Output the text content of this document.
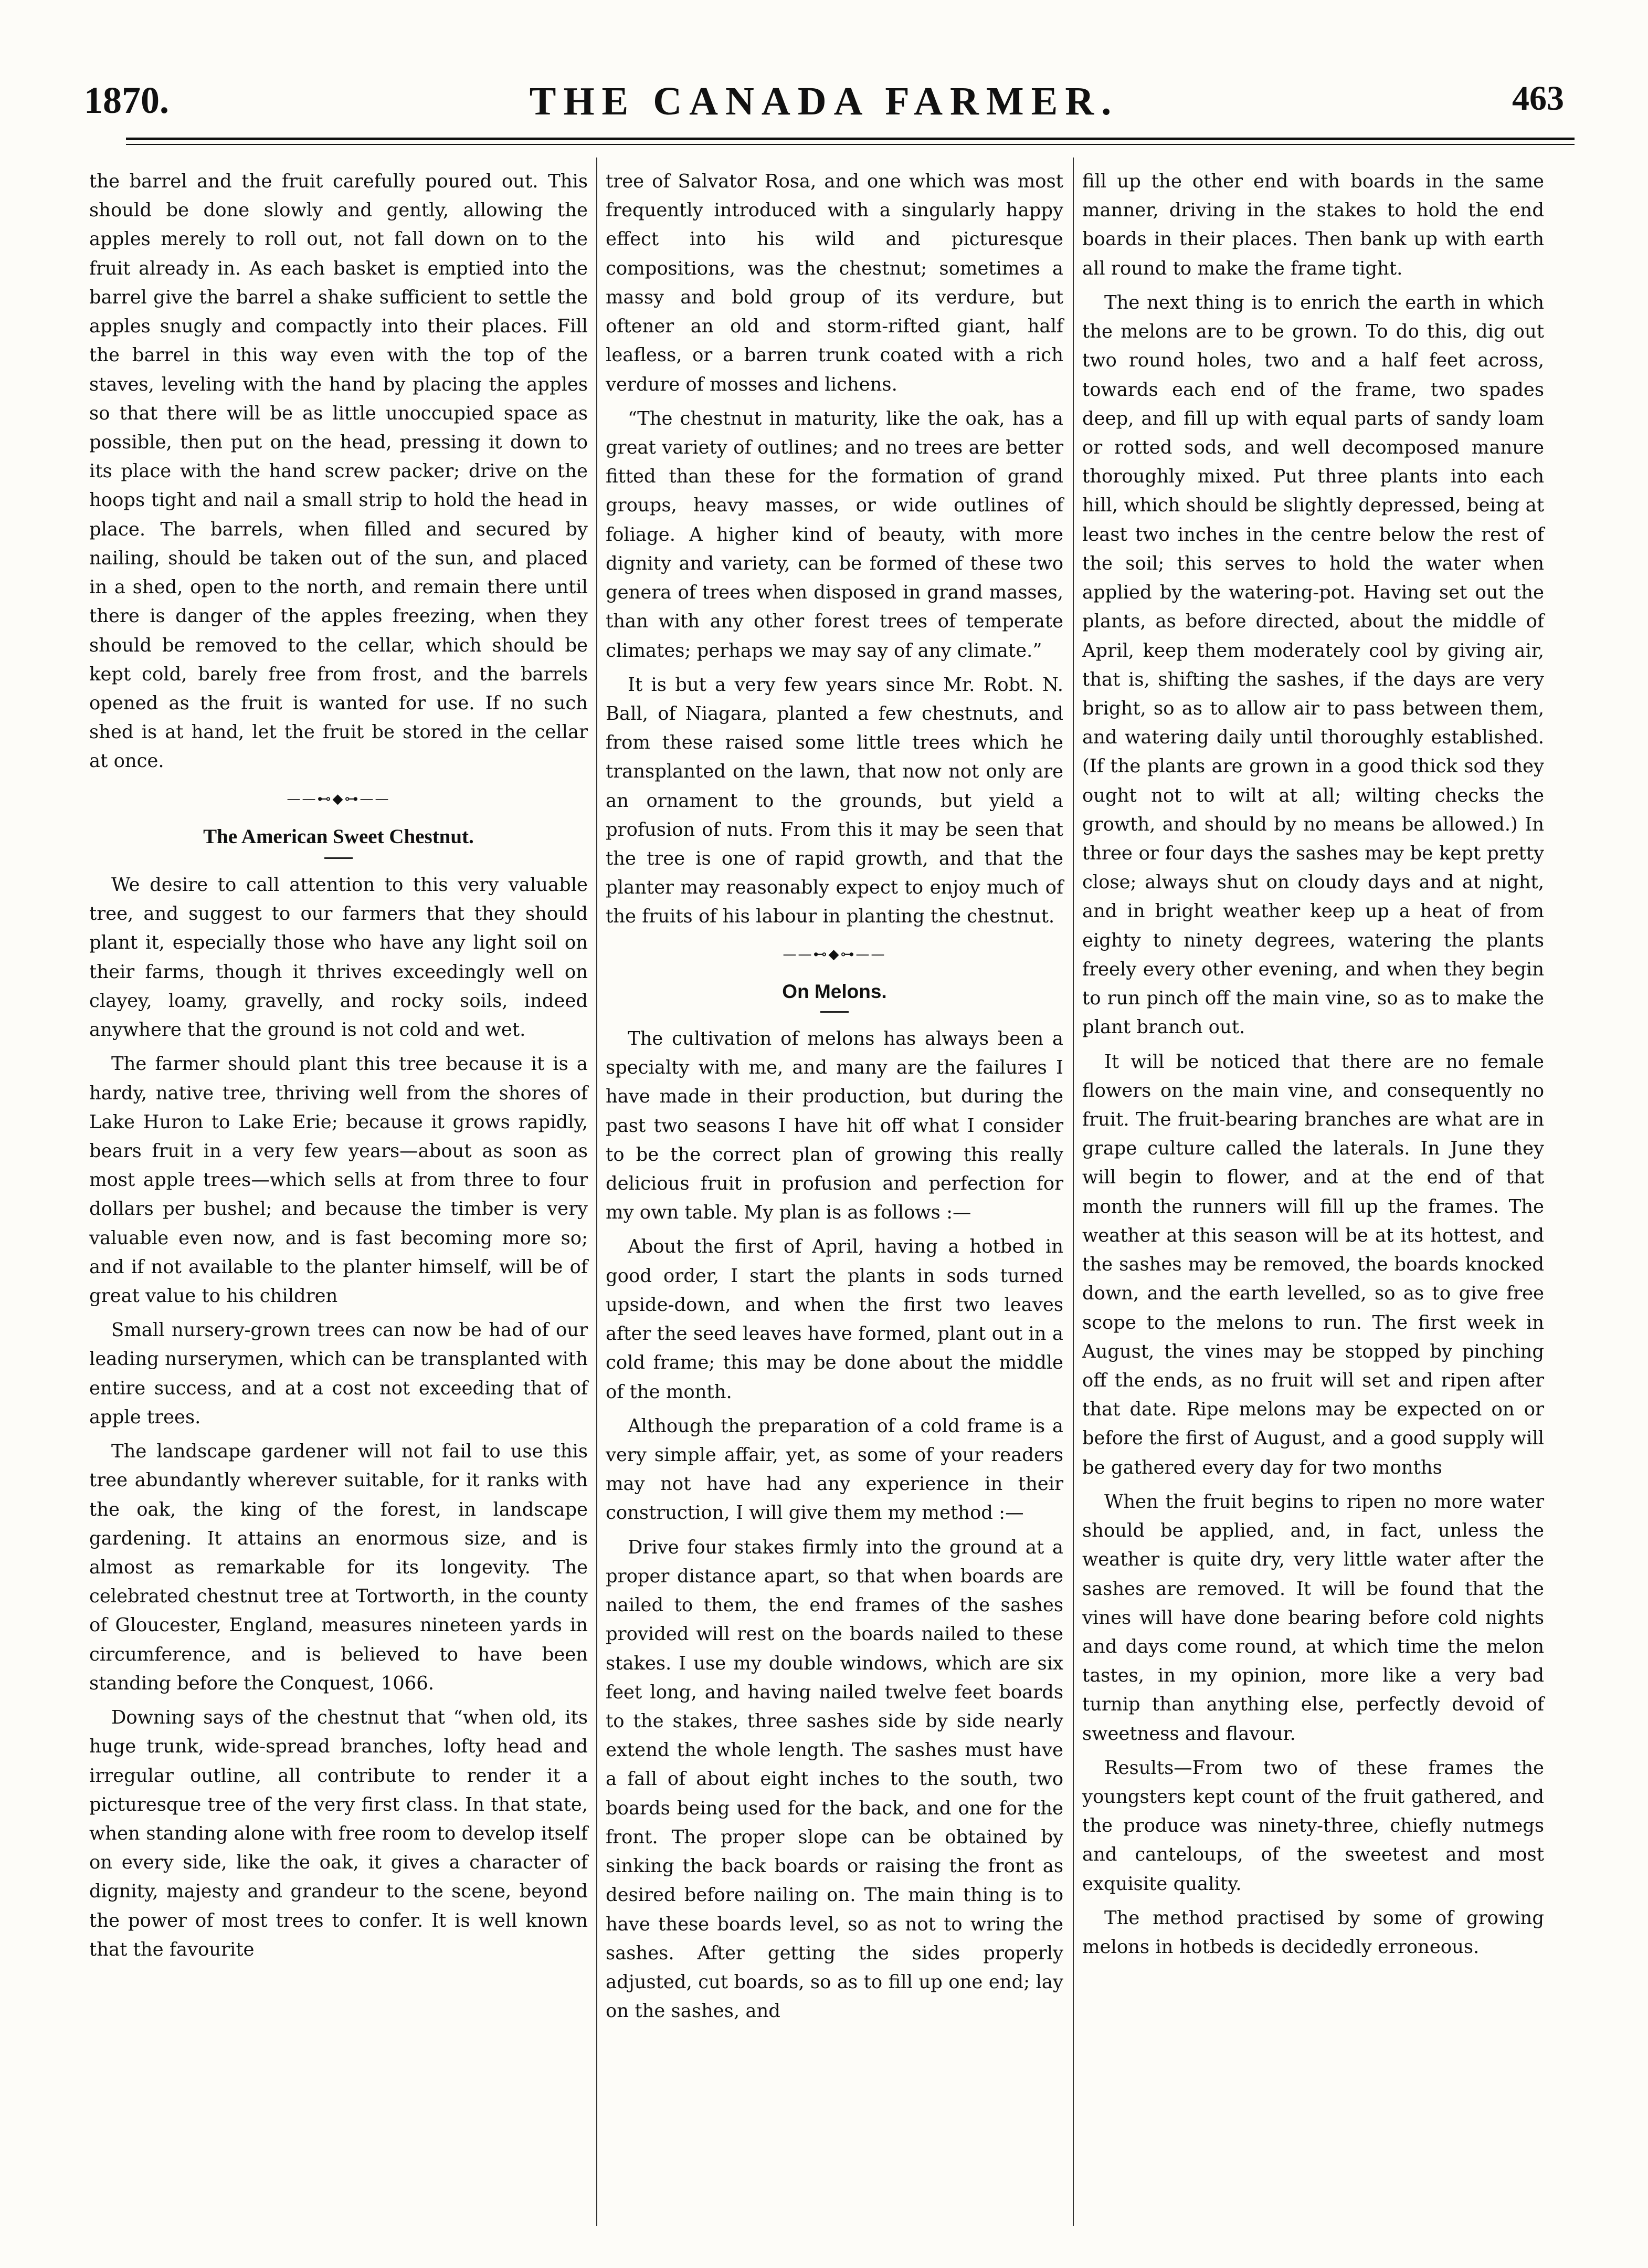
THE CANADA FARMER.
1870.	463

the barrel and the fruit carefully poured out. This should be done slowly and gently, allowing the apples merely to roll out, not fall down on to the fruit already in. As each basket is emptied into the barrel give the barrel a shake sufficient to settle the apples snugly and compactly into their places. Fill the barrel in this way even with the top of the staves, leveling with the hand by placing the apples so that there will be as little unoccupied space as possible, then put on the head, pressing it down to its place with the hand screw packer; drive on the hoops tight and nail a small strip to hold the head in place. The barrels, when filled and secured by nailing, should be taken out of the sun, and placed in a shed, open to the north, and remain there until there is danger of the apples freezing, when they should be removed to the cellar, which should be kept cold, barely free from frost, and the barrels opened as the fruit is wanted for use. If no such shed is at hand, let the fruit be stored in the cellar at once.

——⊷◆⊶——
The American Sweet Chestnut.

We desire to call attention to this very valuable tree, and suggest to our farmers that they should plant it, especially those who have any light soil on their farms, though it thrives exceedingly well on clayey, loamy, gravelly, and rocky soils, indeed anywhere that the ground is not cold and wet.

The farmer should plant this tree because it is a hardy, native tree, thriving well from the shores of Lake Huron to Lake Erie; because it grows rapidly, bears fruit in a very few years—about as soon as most apple trees—which sells at from three to four dollars per bushel; and because the timber is very valuable even now, and is fast becoming more so; and if not available to the planter himself, will be of great value to his children

Small nursery-grown trees can now be had of our leading nurserymen, which can be transplanted with entire success, and at a cost not exceeding that of apple trees.

The landscape gardener will not fail to use this tree abundantly wherever suitable, for it ranks with the oak, the king of the forest, in landscape gardening. It attains an enormous size, and is almost as remarkable for its longevity. The celebrated chestnut tree at Tortworth, in the county of Gloucester, England, measures nineteen yards in circumference, and is believed to have been standing before the Conquest, 1066.

Downing says of the chestnut that “when old, its huge trunk, wide-spread branches, lofty head and irregular outline, all contribute to render it a picturesque tree of the very first class. In that state, when standing alone with free room to develop itself on every side, like the oak, it gives a character of dignity, majesty and grandeur to the scene, beyond the power of most trees to confer. It is well known that the favourite

tree of Salvator Rosa, and one which was most frequently introduced with a singularly happy effect into his wild and picturesque compositions, was the chestnut; sometimes a massy and bold group of its verdure, but oftener an old and storm-rifted giant, half leafless, or a barren trunk coated with a rich verdure of mosses and lichens.

“The chestnut in maturity, like the oak, has a great variety of outlines; and no trees are better fitted than these for the formation of grand groups, heavy masses, or wide outlines of foliage. A higher kind of beauty, with more dignity and variety, can be formed of these two genera of trees when disposed in grand masses, than with any other forest trees of temperate climates; perhaps we may say of any climate.”

It is but a very few years since Mr. Robt. N. Ball, of Niagara, planted a few chestnuts, and from these raised some little trees which he transplanted on the lawn, that now not only are an ornament to the grounds, but yield a profusion of nuts. From this it may be seen that the tree is one of rapid growth, and that the planter may reasonably expect to enjoy much of the fruits of his labour in planting the chestnut.

——⊷◆⊶——
On Melons.

The cultivation of melons has always been a specialty with me, and many are the failures I have made in their production, but during the past two seasons I have hit off what I consider to be the correct plan of growing this really delicious fruit in profusion and perfection for my own table. My plan is as follows :—

About the first of April, having a hotbed in good order, I start the plants in sods turned upside-down, and when the first two leaves after the seed leaves have formed, plant out in a cold frame; this may be done about the middle of the month.

Although the preparation of a cold frame is a very simple affair, yet, as some of your readers may not have had any experience in their construction, I will give them my method :—

Drive four stakes firmly into the ground at a proper distance apart, so that when boards are nailed to them, the end frames of the sashes provided will rest on the boards nailed to these stakes. I use my double windows, which are six feet long, and having nailed twelve feet boards to the stakes, three sashes side by side nearly extend the whole length. The sashes must have a fall of about eight inches to the south, two boards being used for the back, and one for the front. The proper slope can be obtained by sinking the back boards or raising the front as desired before nailing on. The main thing is to have these boards level, so as not to wring the sashes. After getting the sides properly adjusted, cut boards, so as to fill up one end; lay on the sashes, and

fill up the other end with boards in the same manner, driving in the stakes to hold the end boards in their places. Then bank up with earth all round to make the frame tight.

The next thing is to enrich the earth in which the melons are to be grown. To do this, dig out two round holes, two and a half feet across, towards each end of the frame, two spades deep, and fill up with equal parts of sandy loam or rotted sods, and well decomposed manure thoroughly mixed. Put three plants into each hill, which should be slightly depressed, being at least two inches in the centre below the rest of the soil; this serves to hold the water when applied by the watering-pot. Having set out the plants, as before directed, about the middle of April, keep them moderately cool by giving air, that is, shifting the sashes, if the days are very bright, so as to allow air to pass between them, and watering daily until thoroughly established. (If the plants are grown in a good thick sod they ought not to wilt at all; wilting checks the growth, and should by no means be allowed.) In three or four days the sashes may be kept pretty close; always shut on cloudy days and at night, and in bright weather keep up a heat of from eighty to ninety degrees, watering the plants freely every other evening, and when they begin to run pinch off the main vine, so as to make the plant branch out.

It will be noticed that there are no female flowers on the main vine, and consequently no fruit. The fruit-bearing branches are what are in grape culture called the laterals. In June they will begin to flower, and at the end of that month the runners will fill up the frames. The weather at this season will be at its hottest, and the sashes may be removed, the boards knocked down, and the earth levelled, so as to give free scope to the melons to run. The first week in August, the vines may be stopped by pinching off the ends, as no fruit will set and ripen after that date. Ripe melons may be expected on or before the first of August, and a good supply will be gathered every day for two months

When the fruit begins to ripen no more water should be applied, and, in fact, unless the weather is quite dry, very little water after the sashes are removed. It will be found that the vines will have done bearing before cold nights and days come round, at which time the melon tastes, in my opinion, more like a very bad turnip than anything else, perfectly devoid of sweetness and flavour.

Results—From two of these frames the youngsters kept count of the fruit gathered, and the produce was ninety-three, chiefly nutmegs and canteloups, of the sweetest and most exquisite quality.

The method practised by some of growing melons in hotbeds is decidedly erroneous.
